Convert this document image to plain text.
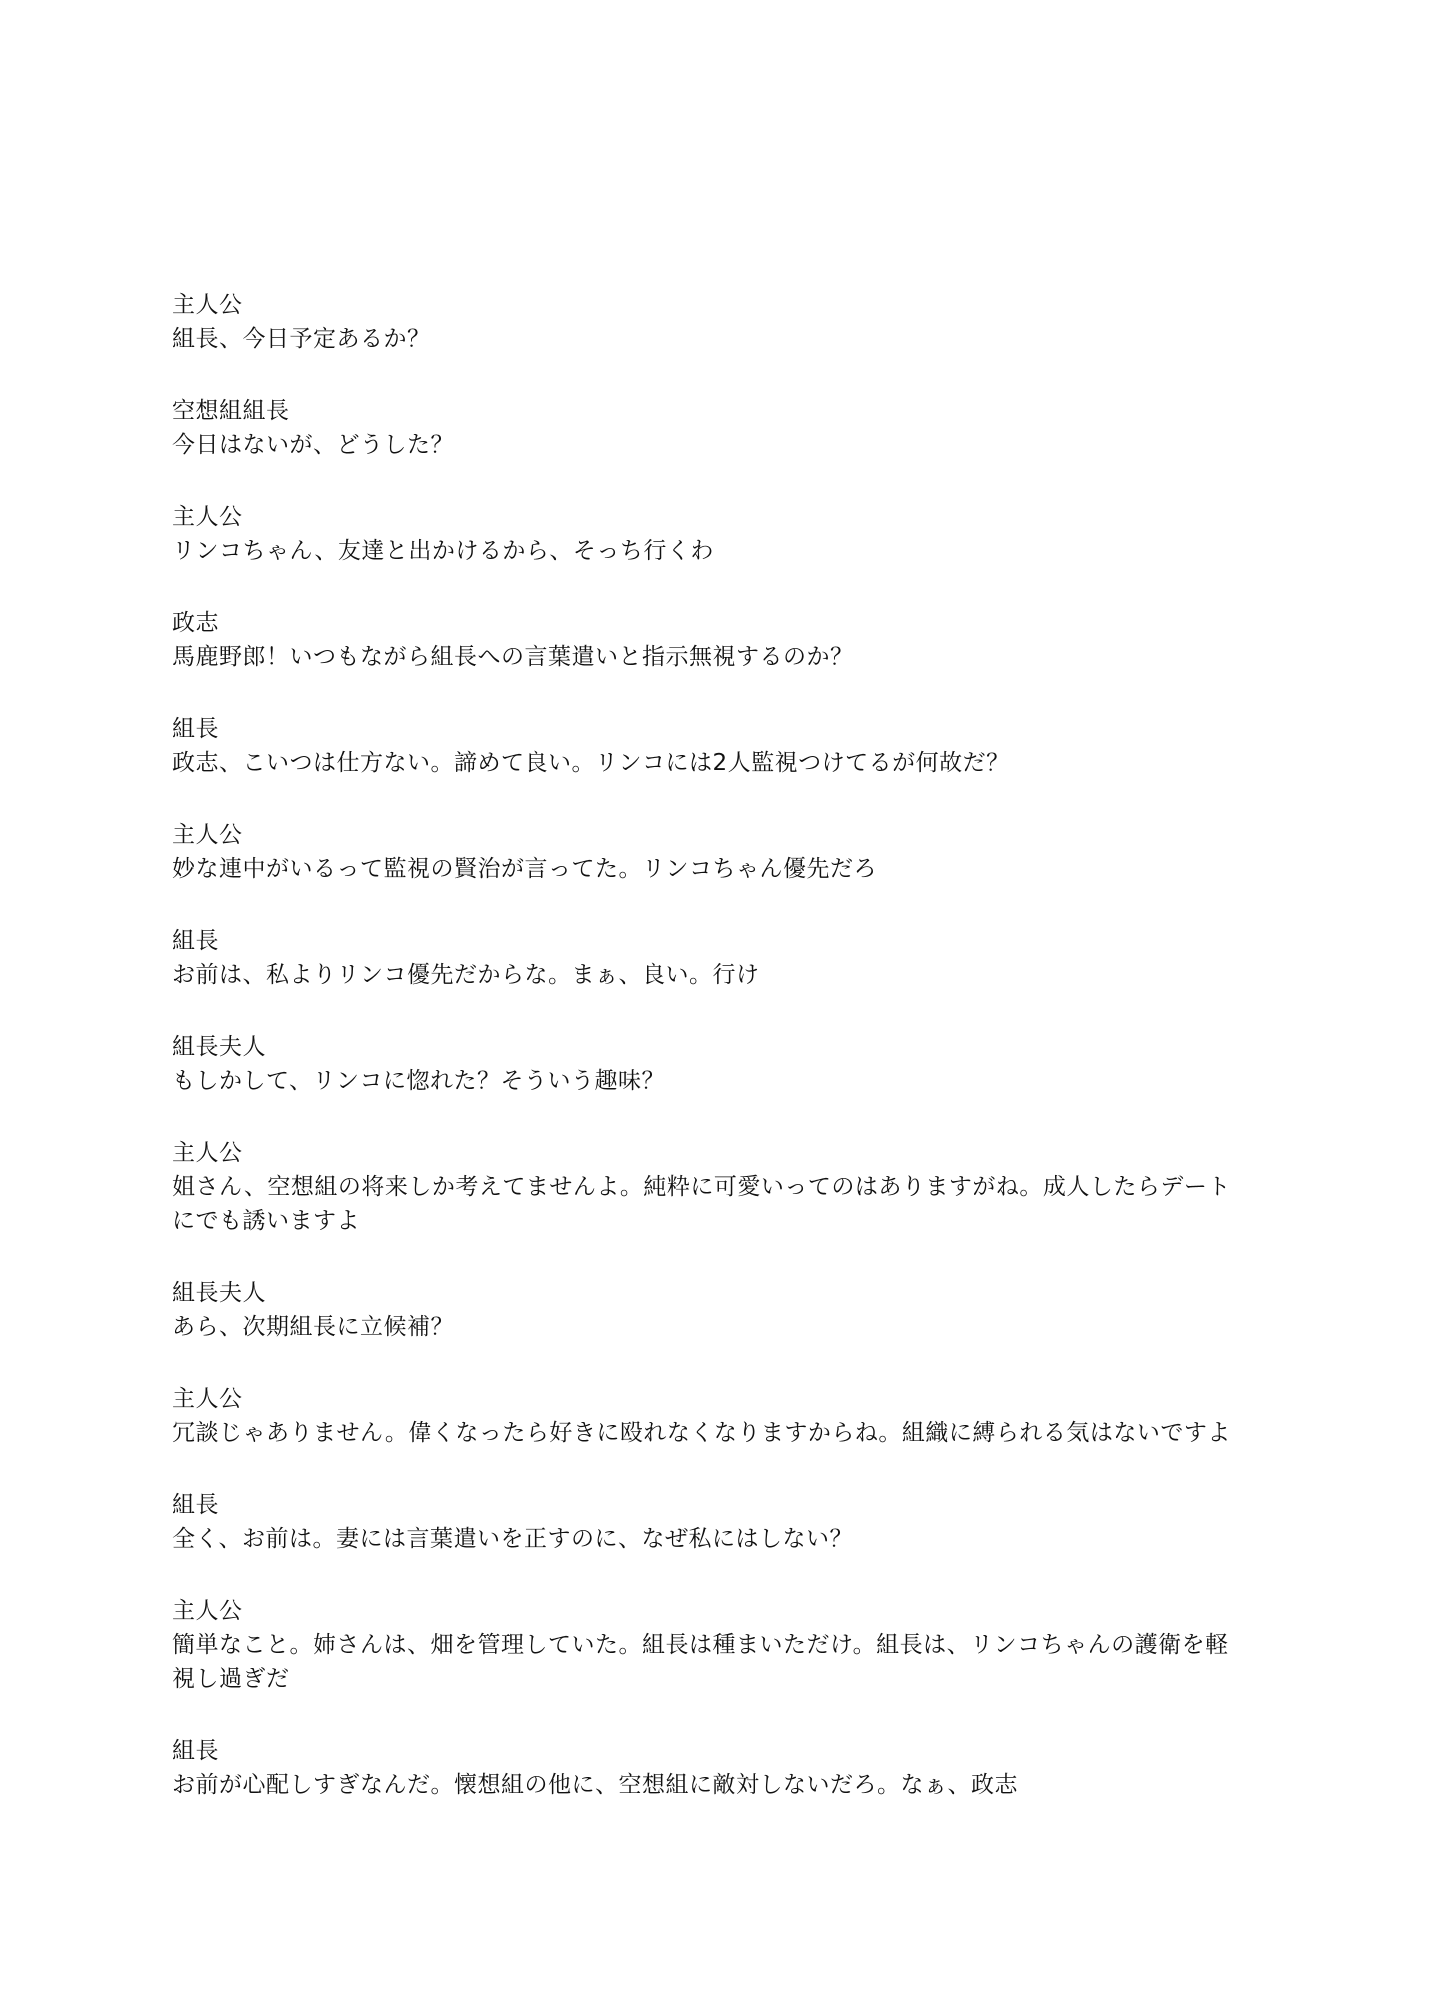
主人公
組長、今日予定あるか？
空想組組長
今日はないが、どうした？
主人公
リンコちゃん、友達と出かけるから、そっち行くわ
政志
馬鹿野郎！いつもながら組長への言葉遣いと指示無視するのか？
組長
政志、こいつは仕方ない。諦めて良い。リンコには2人監視つけてるが何故だ？
主人公
妙な連中がいるって監視の賢治が言ってた。リンコちゃん優先だろ
組長
お前は、私よりリンコ優先だからな。まぁ、良い。行け
組長夫人
もしかして、リンコに惚れた？そういう趣味？
主人公
姐さん、空想組の将来しか考えてませんよ。純粋に可愛いってのはありますがね。成人したらデートにでも誘いますよ
組長夫人
あら、次期組長に立候補？
主人公
冗談じゃありません。偉くなったら好きに殴れなくなりますからね。組織に縛られる気はないですよ
組長
全く、お前は。妻には言葉遣いを正すのに、なぜ私にはしない？
主人公
簡単なこと。姉さんは、畑を管理していた。組長は種まいただけ。組長は、リンコちゃんの護衛を軽視し過ぎだ
組長
お前が心配しすぎなんだ。懐想組の他に、空想組に敵対しないだろ。なぁ、政志
